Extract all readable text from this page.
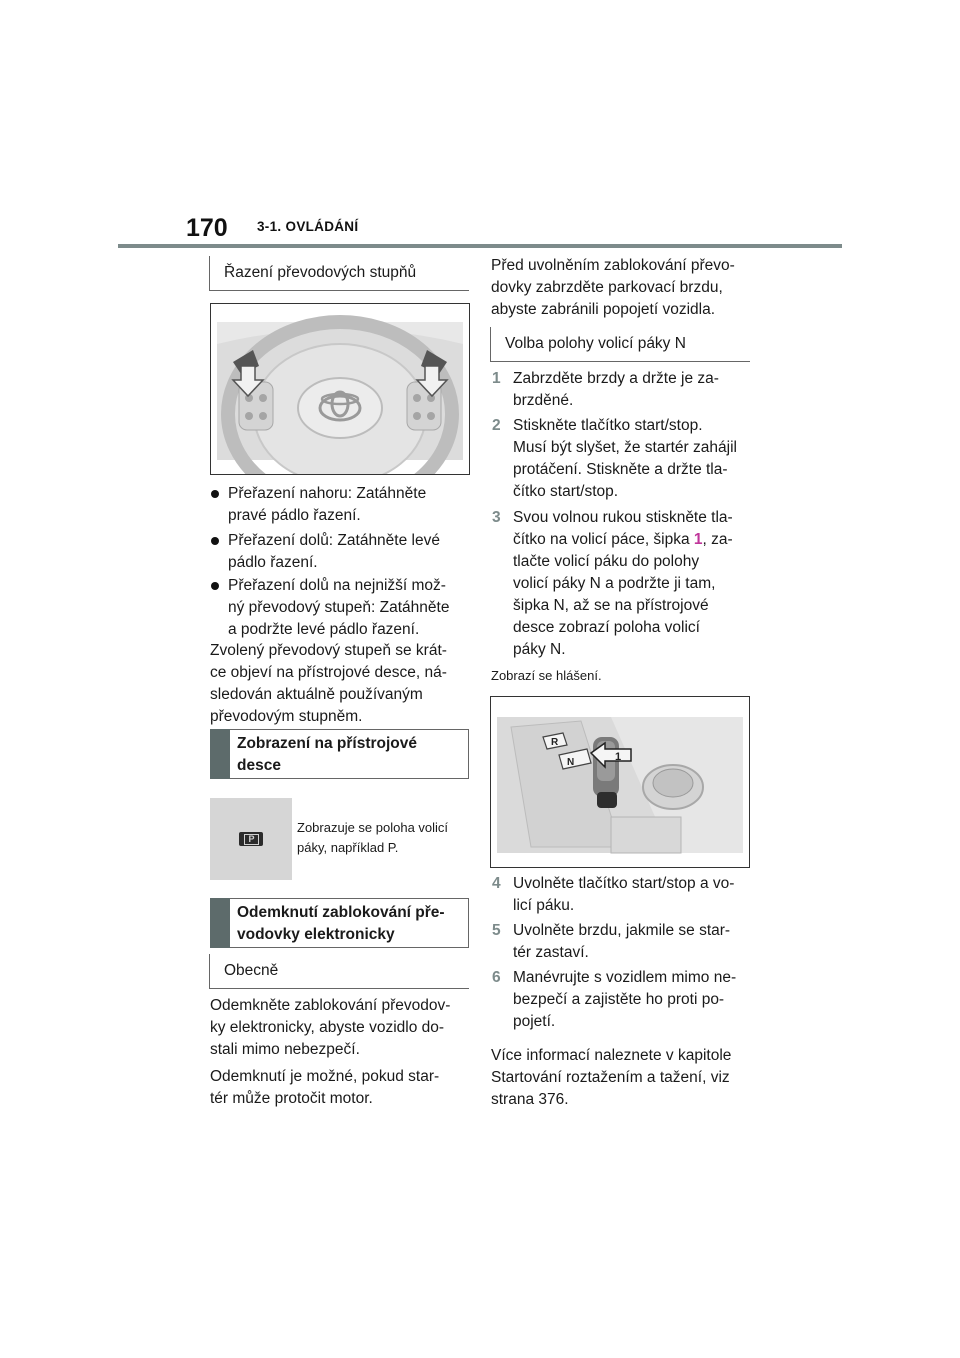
170 3-1. OVLÁDÁNÍ
Řazení převodových stupňů
Přeřazení nahoru: Zatáhněte
pravé pádlo řazení.
Přeřazení dolů: Zatáhněte levé
pádlo řazení.
Přeřazení dolů na nejnižší mož-
ný převodový stupeň: Zatáhněte
a podržte levé pádlo řazení.
Zvolený převodový stupeň se krát-
ce objeví na přístrojové desce, ná-
sledován aktuálně používaným
převodovým stupněm.
Zobrazení na přístrojové
desce
P
Zobrazuje se poloha volicí
páky, například P.
Odemknutí zablokování pře-
vodovky elektronicky
Obecně
Odemkněte zablokování převodov-
ky elektronicky, abyste vozidlo do-
stali mimo nebezpečí.
Odemknutí je možné, pokud star-
tér může protočit motor.
Před uvolněním zablokování převo-
dovky zabrzděte parkovací brzdu,
abyste zabránili popojetí vozidla.
Volba polohy volicí páky N
1 Zabrzděte brzdy a držte je za-
brzděné.
2 Stiskněte tlačítko start/stop.
Musí být slyšet, že startér zahájil
protáčení. Stiskněte a držte tla-
čítko start/stop.
3 Svou volnou rukou stiskněte tla-
čítko na volicí páce, šipka 1, za-
tlačte volicí páku do polohy
volicí páky N a podržte ji tam,
šipka N, až se na přístrojové
desce zobrazí poloha volicí
páky N.
Zobrazí se hlášení.
R
N	1
4 Uvolněte tlačítko start/stop a vo-
licí páku.
5 Uvolněte brzdu, jakmile se star-
tér zastaví.
6 Manévrujte s vozidlem mimo ne-
bezpečí a zajistěte ho proti po-
pojetí.
Více informací naleznete v kapitole
Startování roztažením a tažení, viz
strana 376.
